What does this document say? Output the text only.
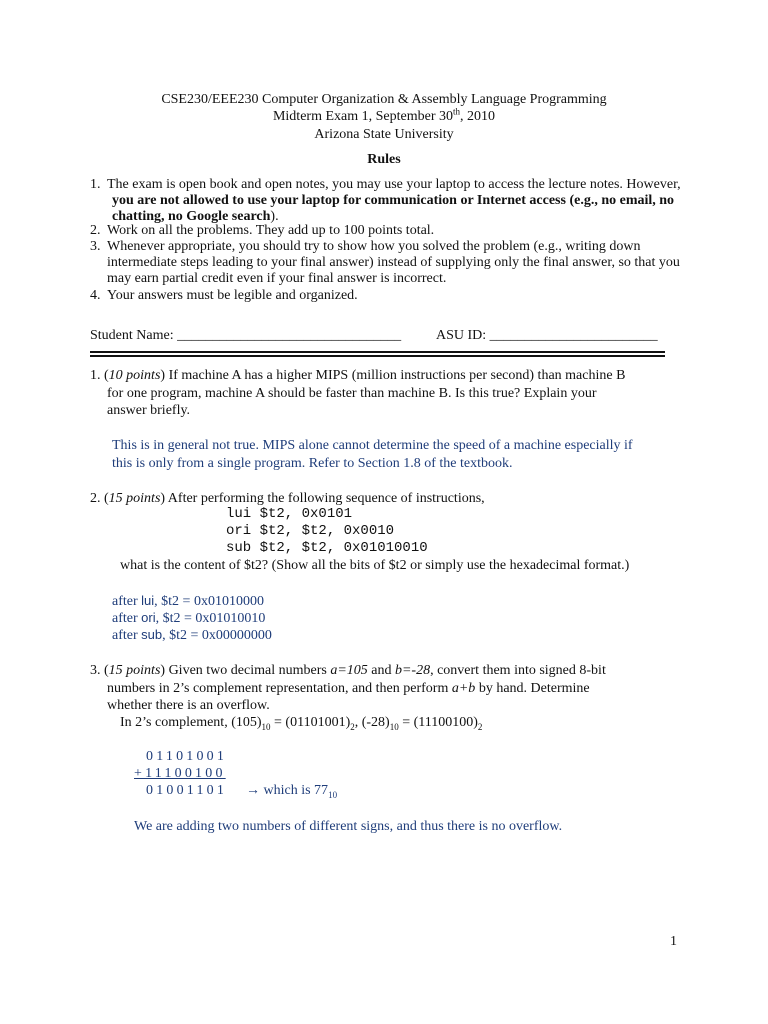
CSE230/EEE230 Computer Organization & Assembly Language Programming
Midterm Exam 1, September 30th, 2010
Arizona State University
Rules
1. The exam is open book and open notes, you may use your laptop to access the lecture notes. However,
you are not allowed to use your laptop for communication or Internet access (e.g., no email, no
chatting, no Google search).
2. Work on all the problems. They add up to 100 points total.
3. Whenever appropriate, you should try to show how you solved the problem (e.g., writing down
intermediate steps leading to your final answer) instead of supplying only the final answer, so that you
may earn partial credit even if your final answer is incorrect.
4. Your answers must be legible and organized.
Student Name: ________________________________ ASU ID: ________________________
1. (10 points) If machine A has a higher MIPS (million instructions per second) than machine B
for one program, machine A should be faster than machine B. Is this true? Explain your
answer briefly.
This is in general not true. MIPS alone cannot determine the speed of a machine especially if
this is only from a single program. Refer to Section 1.8 of the textbook.
2. (15 points) After performing the following sequence of instructions,
lui $t2, 0x0101
ori $t2, $t2, 0x0010
sub $t2, $t2, 0x01010010
what is the content of $t2? (Show all the bits of $t2 or simply use the hexadecimal format.)
after lui, $t2 = 0x01010000
after ori, $t2 = 0x01010010
after sub, $t2 = 0x00000000
3. (15 points) Given two decimal numbers a=105 and b=-28, convert them into signed 8-bit
numbers in 2’s complement representation, and then perform a+b by hand. Determine
whether there is an overflow.
In 2’s complement, $(105)_{10} = (01101001)_2$, $(-28)_{10} = (11100100)_2$
01101001
+11100100
01001101 → which is $77_{10}$
We are adding two numbers of different signs, and thus there is no overflow.
1
